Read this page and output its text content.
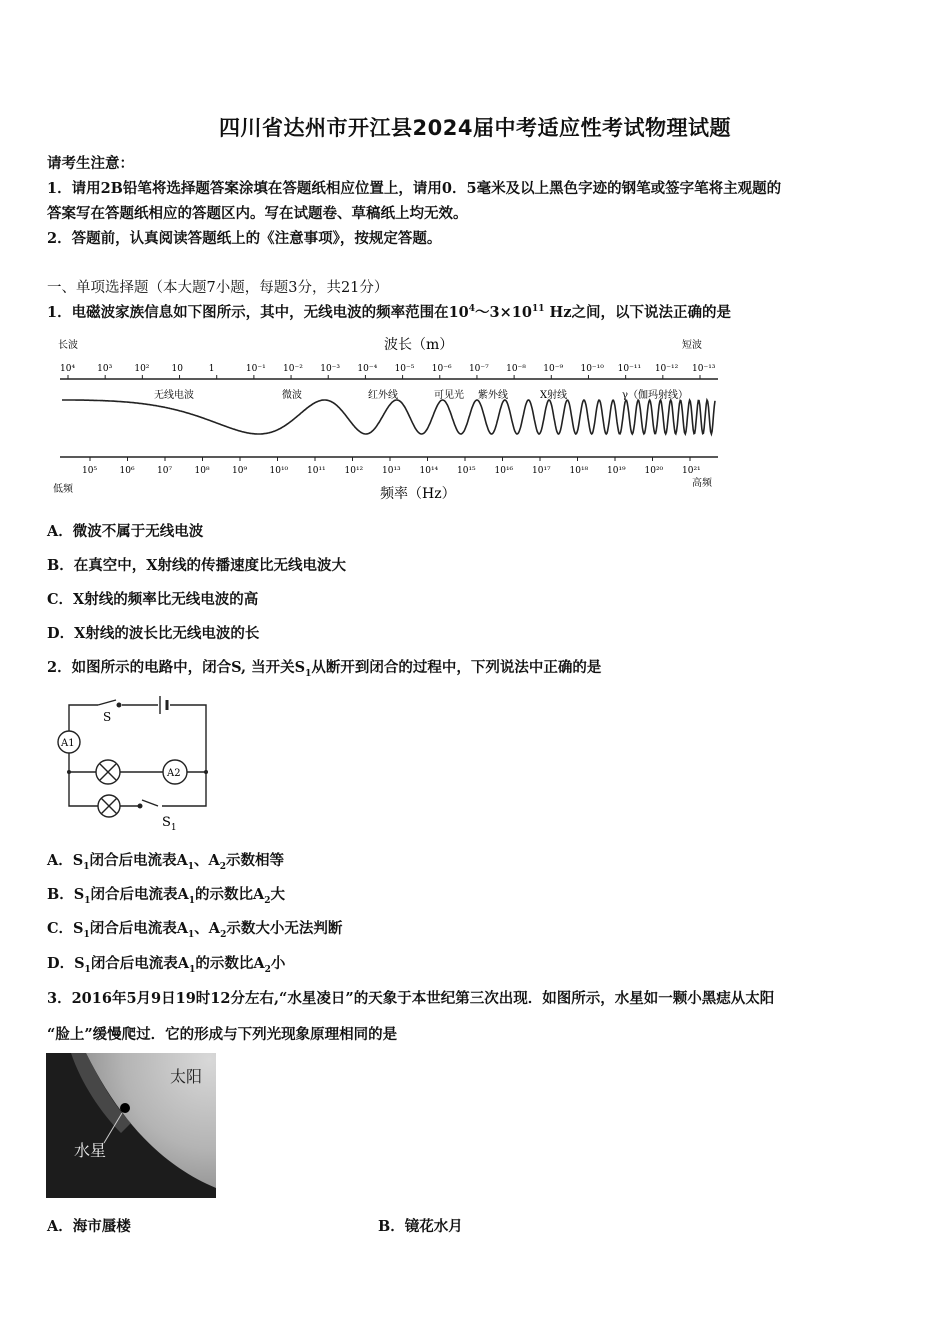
四川省达州市开江县2024届中考适应性考试物理试题
请考生注意：
1．请用2B铅笔将选择题答案涂填在答题纸相应位置上，请用0．5毫米及以上黑色字迹的钢笔或签字笔将主观题的
答案写在答题纸相应的答题区内。写在试题卷、草稿纸上均无效。
2．答题前，认真阅读答题纸上的《注意事项》，按规定答题。
一、单项选择题（本大题7小题，每题3分，共21分）
1．电磁波家族信息如下图所示，其中，无线电波的频率范围在$10^4\sim 3\times 10^{11}$ Hz之间，以下说法正确的是
长波	波长（m）	短波
10⁴ 10³ 10² 10	1	10⁻¹ 10⁻² 10⁻³ 10⁻⁴ 10⁻⁵ 10⁻⁶ 10⁻⁷ 10⁻⁸ 10⁻⁹ 10⁻¹⁰ 10⁻¹¹ 10⁻¹² 10⁻¹³
无线电波	微波	红外线	可见光 紫外线	X射线	γ（伽玛射线）
10⁵ 10⁶ 10⁷ 10⁸ 10⁹ 10¹⁰ 10¹¹ 10¹² 10¹³ 10¹⁴ 10¹⁵ 10¹⁶ 10¹⁷ 10¹⁸ 10¹⁹ 10²⁰ 10²¹
低频	频率（Hz）
高频
A．微波不属于无线电波
B．在真空中，X射线的传播速度比无线电波大
C．X射线的频率比无线电波的高
D．X射线的波长比无线电波的长
2．如图所示的电路中，闭合S, 当开关$S_1$从断开到闭合的过程中，下列说法中正确的是
S
A1
A2
$S_1$
A．$S_1$闭合后电流表$A_1$、$A_2$示数相等
B．$S_1$闭合后电流表$A_1$的示数比$A_2$大
C．$S_1$闭合后电流表$A_1$、$A_2$示数大小无法判断
D．$S_1$闭合后电流表$A_1$的示数比$A_2$小
3．2016年5月9日19时12分左右,“水星凌日”的天象于本世纪第三次出现．如图所示，水星如一颗小黑痣从太阳
“脸上”缓慢爬过．它的形成与下列光现象原理相同的是
太阳
水星
A．海市蜃楼	B．镜花水月
